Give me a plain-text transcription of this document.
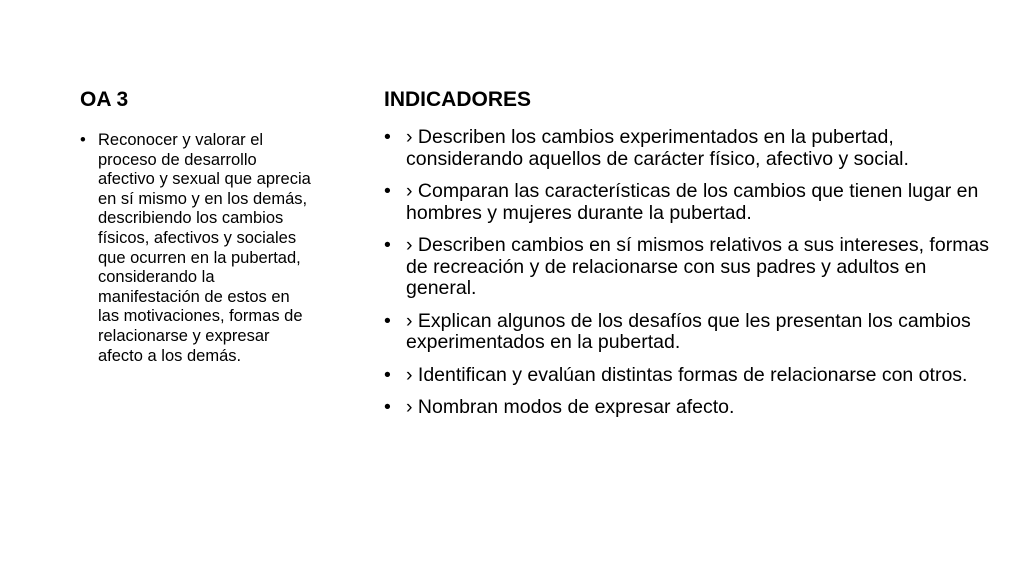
OA 3
• Reconocer y valorar el proceso de desarrollo afectivo y sexual que aprecia en sí mismo y en los demás, describiendo los cambios físicos, afectivos y sociales que ocurren en la pubertad, considerando la manifestación de estos en las motivaciones, formas de relacionarse y expresar afecto a los demás.
INDICADORES
• › Describen los cambios experimentados en la pubertad, considerando aquellos de carácter físico, afectivo y social.
• › Comparan las características de los cambios que tienen lugar en hombres y mujeres durante la pubertad.
• › Describen cambios en sí mismos relativos a sus intereses, formas de recreación y de relacionarse con sus padres y adultos en general.
• › Explican algunos de los desafíos que les presentan los cambios experimentados en la pubertad.
• › Identifican y evalúan distintas formas de relacionarse con otros.
• › Nombran modos de expresar afecto.
